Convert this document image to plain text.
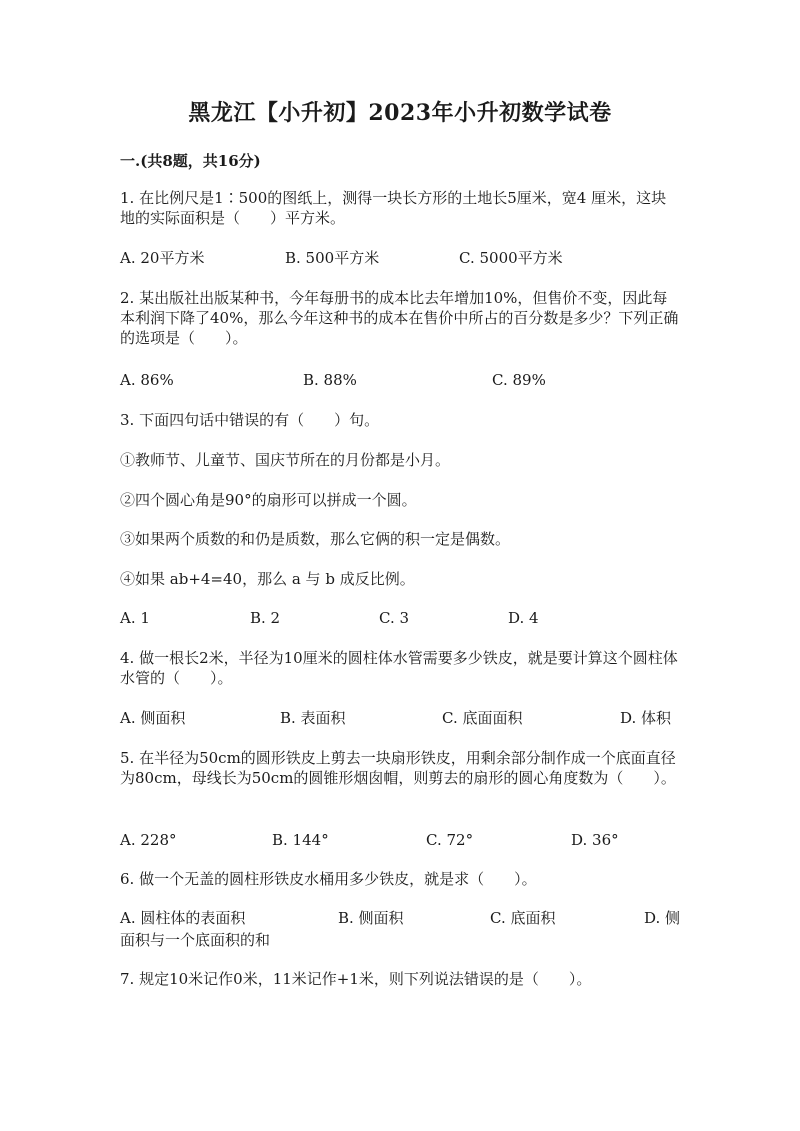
黑龙江【小升初】2023年小升初数学试卷
一.(共8题，共16分)
1. 在比例尺是1∶500的图纸上，测得一块长方形的土地长5厘米，宽4 厘米，这块地的实际面积是（　　）平方米。
A. 20平方米	B. 500平方米	C. 5000平方米
2. 某出版社出版某种书，今年每册书的成本比去年增加10%，但售价不变，因此每本利润下降了40%，那么今年这种书的成本在售价中所占的百分数是多少？下列正确的选项是（　　）。
A. 86%	B. 88%	C. 89%
3. 下面四句话中错误的有（　　）句。
①教师节、儿童节、国庆节所在的月份都是小月。
②四个圆心角是90°的扇形可以拼成一个圆。
③如果两个质数的和仍是质数，那么它俩的积一定是偶数。
④如果 ab+4=40，那么 a 与 b 成反比例。
A. 1	B. 2	C. 3	D. 4
4. 做一根长2米，半径为10厘米的圆柱体水管需要多少铁皮，就是要计算这个圆柱体水管的（　　）。
A. 侧面积	B. 表面积	C. 底面面积	D. 体积
5. 在半径为50cm的圆形铁皮上剪去一块扇形铁皮，用剩余部分制作成一个底面直径为80cm，母线长为50cm的圆锥形烟囱帽，则剪去的扇形的圆心角度数为（　　）。
A. 228°	B. 144°	C. 72°	D. 36°
6. 做一个无盖的圆柱形铁皮水桶用多少铁皮，就是求（　　）。
A. 圆柱体的表面积	B. 侧面积	C. 底面积	D. 侧
面积与一个底面积的和
7. 规定10米记作0米，11米记作+1米，则下列说法错误的是（　　）。
